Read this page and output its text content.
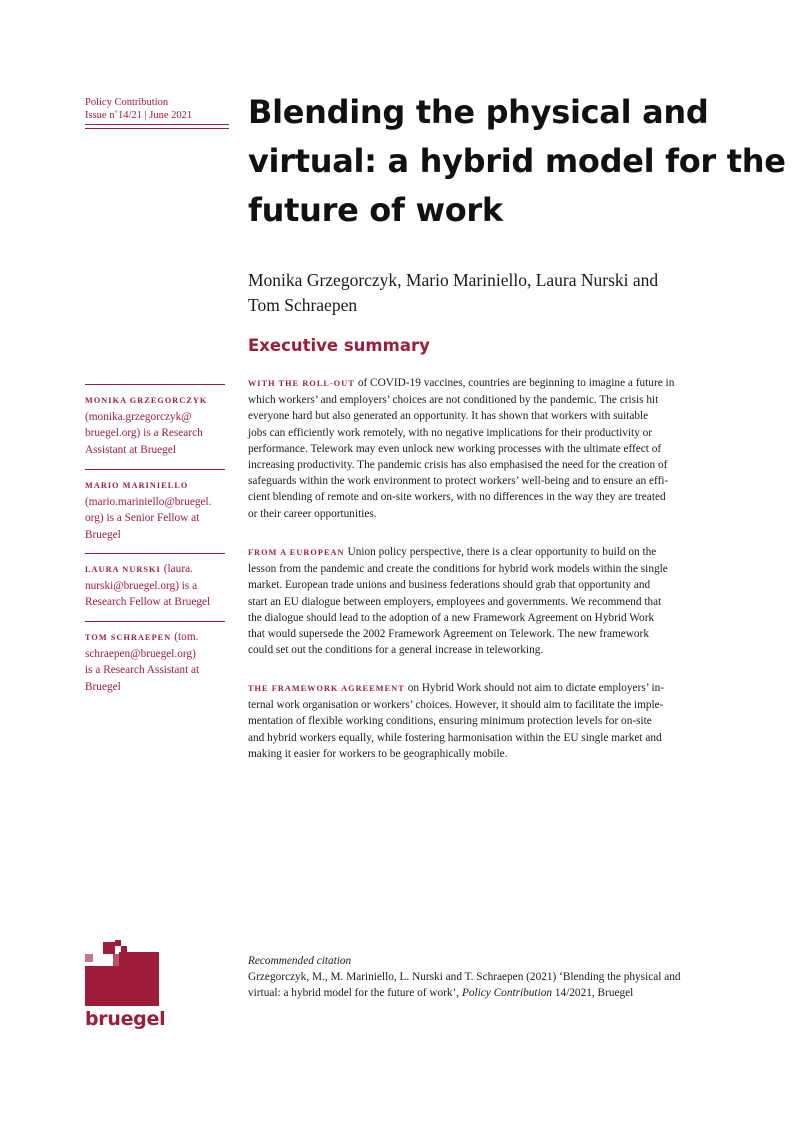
Policy Contribution
Issue n˚14/21 | June 2021	Blending the physical and
virtual: a hybrid model for the
future of work
Monika Grzegorczyk, Mario Mariniello, Laura Nurski and
Tom Schraepen
Executive summary
WITH THE ROLL-OUT of COVID-19 vaccines, countries are beginning to imagine a future in
which workers’ and employers’ choices are not conditioned by the pandemic. The crisis hit
everyone hard but also generated an opportunity. It has shown that workers with suitable
jobs can efficiently work remotely, with no negative implications for their productivity or
performance. Telework may even unlock new working processes with the ultimate effect of
increasing productivity. The pandemic crisis has also emphasised the need for the creation of
safeguards within the work environment to protect workers’ well-being and to ensure an effi-
cient blending of remote and on-site workers, with no differences in the way they are treated
or their career opportunities.
FROM A EUROPEAN Union policy perspective, there is a clear opportunity to build on the
lesson from the pandemic and create the conditions for hybrid work models within the single
market. European trade unions and business federations should grab that opportunity and
start an EU dialogue between employers, employees and governments. We recommend that
the dialogue should lead to the adoption of a new Framework Agreement on Hybrid Work
that would supersede the 2002 Framework Agreement on Telework. The new framework
could set out the conditions for a general increase in teleworking.
THE FRAMEWORK AGREEMENT on Hybrid Work should not aim to dictate employers’ in-
ternal work organisation or workers’ choices. However, it should aim to facilitate the imple-
mentation of flexible working conditions, ensuring minimum protection levels for on-site
and hybrid workers equally, while fostering harmonisation within the EU single market and
making it easier for workers to be geographically mobile.
MONIKA GRZEGORCZYK
(monika.grzegorczyk@
bruegel.org) is a Research
Assistant at Bruegel
MARIO MARINIELLO
(mario.mariniello@bruegel.
org) is a Senior Fellow at
Bruegel
LAURA NURSKI (laura.
nurski@bruegel.org) is a
Research Fellow at Bruegel
TOM SCHRAEPEN (tom.
schraepen@bruegel.org)
is a Research Assistant at
Bruegel
bruegel
Recommended citation
Grzegorczyk, M., M. Mariniello, L. Nurski and T. Schraepen (2021) ‘Blending the physical and
virtual: a hybrid model for the future of work’, Policy Contribution 14/2021, Bruegel
